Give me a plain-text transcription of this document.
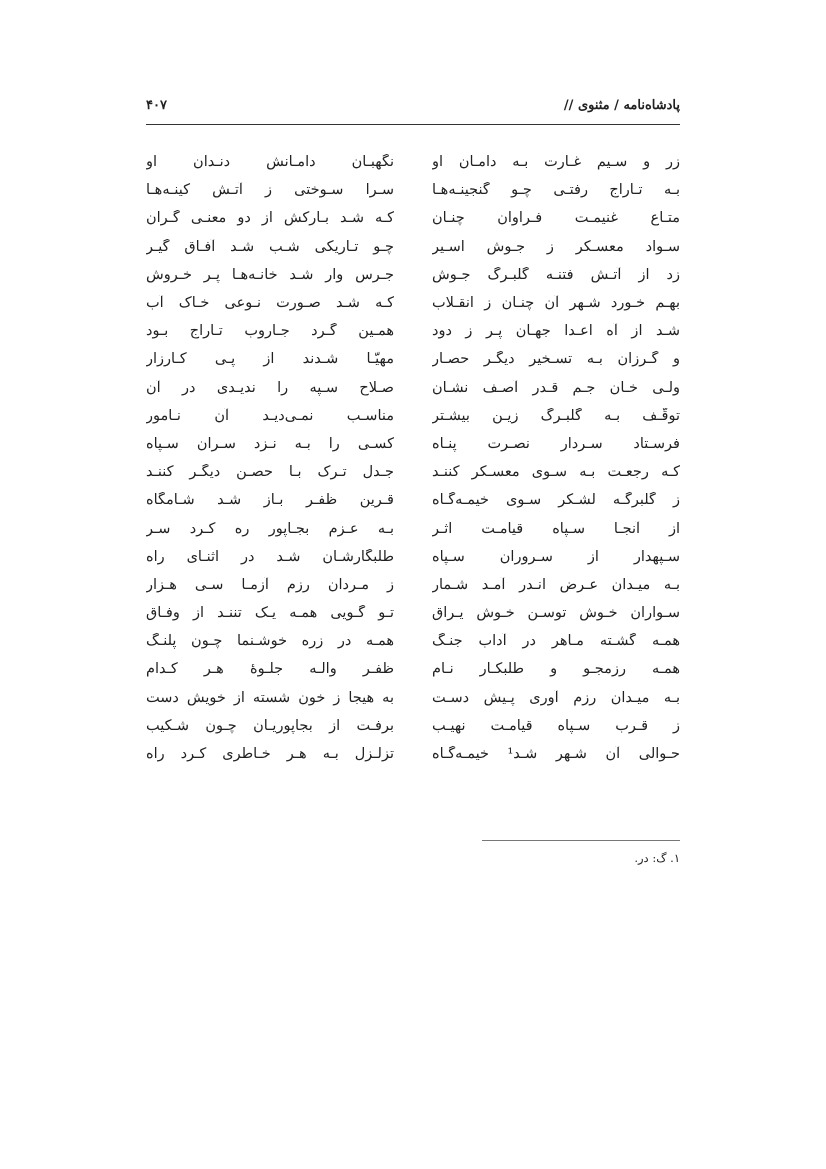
پادشاه‌نامه / مثنوی //
۴۰۷
زر و سـیم غـارت بـه دامـان او
نگهبـان دامـانش دنـدان او
بـه تـاراج رفتـی چـو گنجینـه‌هـا
سـرا سـوختی ز آتـش کینـه‌هـا
متـاع غنیمـت فـراوان چنـان
کـه شـد بـارکش از دو معنـی گـران
سـواد معسـکر ز جـوش اسـیر
چـو تـاریکی شـب شـد آفـاق گیـر
زد از آتـش فتنـه گلبـرگ جـوش
جـرس وار شـد خانـه‌هـا پـر خـروش
بهـم خـورد شـهر آن چنـان ز انقـلاب
کـه شـد صـورت نـوعی خـاک آب
شـد از آه اعـدا جهـان پـر ز دود
همـین گـرد جـاروب تـاراج بـود
و گـرزان بـه تسـخیر دیگـر حصـار
مهیّـا شـدند از پـی کـارزار
ولـی خـان جـم قـدر آصـف نشـان
صـلاح سـپه را ندیـدی در آن
توقّـف بـه گلبـرگ زیـن بیشـتر
مناسـب نمـی‌دیـد آن نـامور
فرسـتاد سـردار نصـرت پنـاه
کسـی را بـه نـزد سـران سـپاه
کـه رجعـت بـه سـوی معسـکر کننـد
جـدل تـرک بـا حصـن دیگـر کننـد
ز گلبرگـه لشـکر سـوی خیمـه‌گـاه
قـرین ظفـر بـاز شـد شـامگاه
از آنجـا سـپاه قیامـت اثـر
بـه عـزم بجـاپور ره کـرد سـر
سـپهدار از سـروران سـپاه
طلبگارشـان شـد در اثنـای راه
بـه میـدان عـرض انـدر آمـد شـمار
ز مـردان رزم آزمـا سـی هـزار
سـواران خـوش توسـن خـوش یـراق
تـو گـویی همـه یـک تننـد از وفـاق
همـه گشـته مـاهر در آداب جنـگ
همـه در زره خوشـنما چـون پلنـگ
همـه رزمجـو و طلبکـار نـام
ظفـر والـه جلـوهٔ هـر کـدام
بـه میـدان رزم آوری پـیش دسـت
به هیجا ز خون شسته از خویش دست
ز قـرب سـپاه قیامـت نهیـب
برفـت از بجاپوریـان چـون شـکیب
حـوالی آن شـهر شـد¹ خیمـه‌گـاه
تزلـزل بـه هـر خـاطری کـرد راه
۱. گ: در.
